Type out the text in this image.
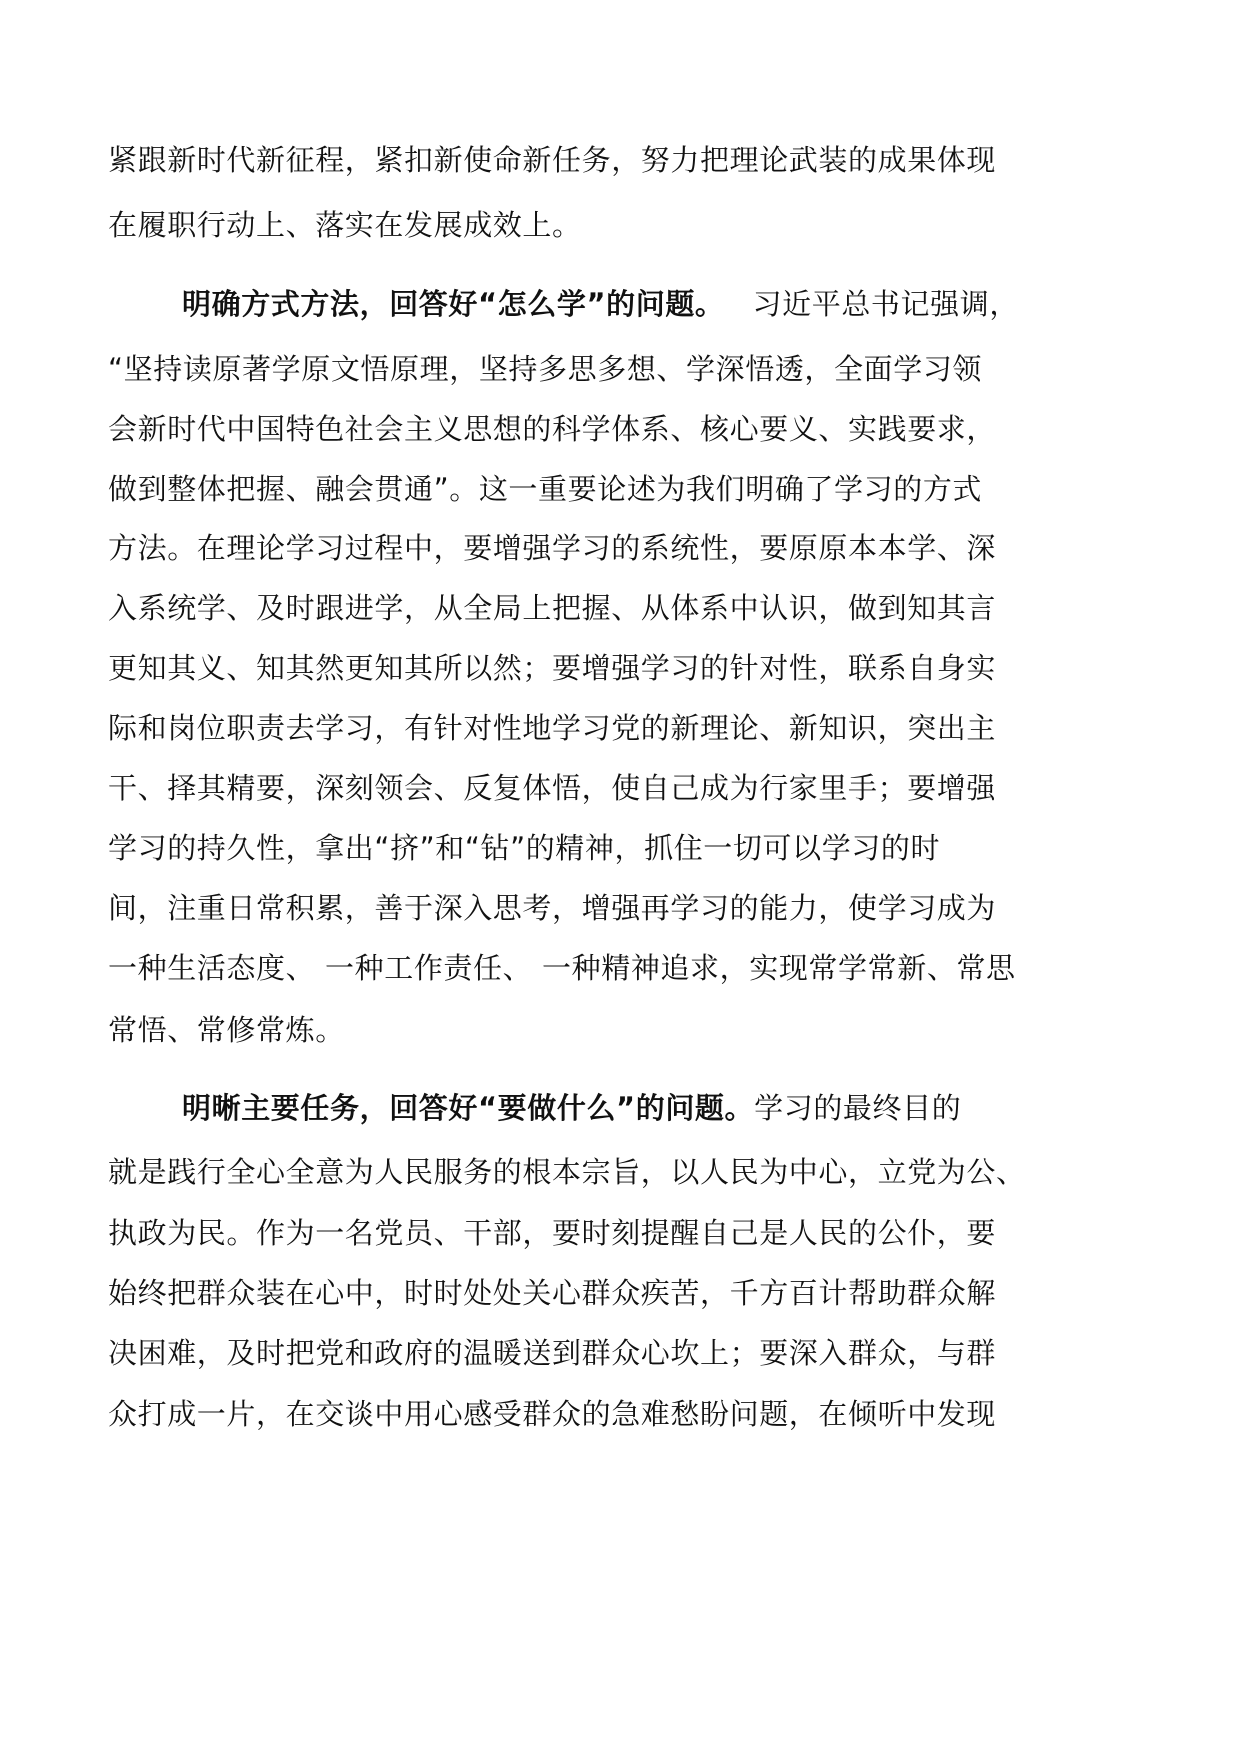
紧跟新时代新征程，紧扣新使命新任务，努力把理论武装的成果体现
在履职行动上、落实在发展成效上。
明确方式方法，回答好“怎么学”的问题。 习近平总书记强调，
“坚持读原著学原文悟原理，坚持多思多想、学深悟透，全面学习领
会新时代中国特色社会主义思想的科学体系、核心要义、实践要求，
做到整体把握、融会贯通”。这一重要论述为我们明确了学习的方式
方法。在理论学习过程中，要增强学习的系统性，要原原本本学、深
入系统学、及时跟进学，从全局上把握、从体系中认识，做到知其言
更知其义、知其然更知其所以然；要增强学习的针对性，联系自身实
际和岗位职责去学习，有针对性地学习党的新理论、新知识，突出主
干、择其精要，深刻领会、反复体悟，使自己成为行家里手；要增强
学习的持久性，拿出“挤”和“钻”的精神，抓住一切可以学习的时
间，注重日常积累，善于深入思考，增强再学习的能力，使学习成为
一种生活态度、 一种工作责任、 一种精神追求，实现常学常新、常思
常悟、常修常炼。
明晰主要任务，回答好“要做什么”的问题。学习的最终目的
就是践行全心全意为人民服务的根本宗旨，以人民为中心，立党为公、
执政为民。作为一名党员、干部，要时刻提醒自己是人民的公仆，要
始终把群众装在心中，时时处处关心群众疾苦，千方百计帮助群众解
决困难，及时把党和政府的温暖送到群众心坎上；要深入群众，与群
众打成一片，在交谈中用心感受群众的急难愁盼问题，在倾听中发现
